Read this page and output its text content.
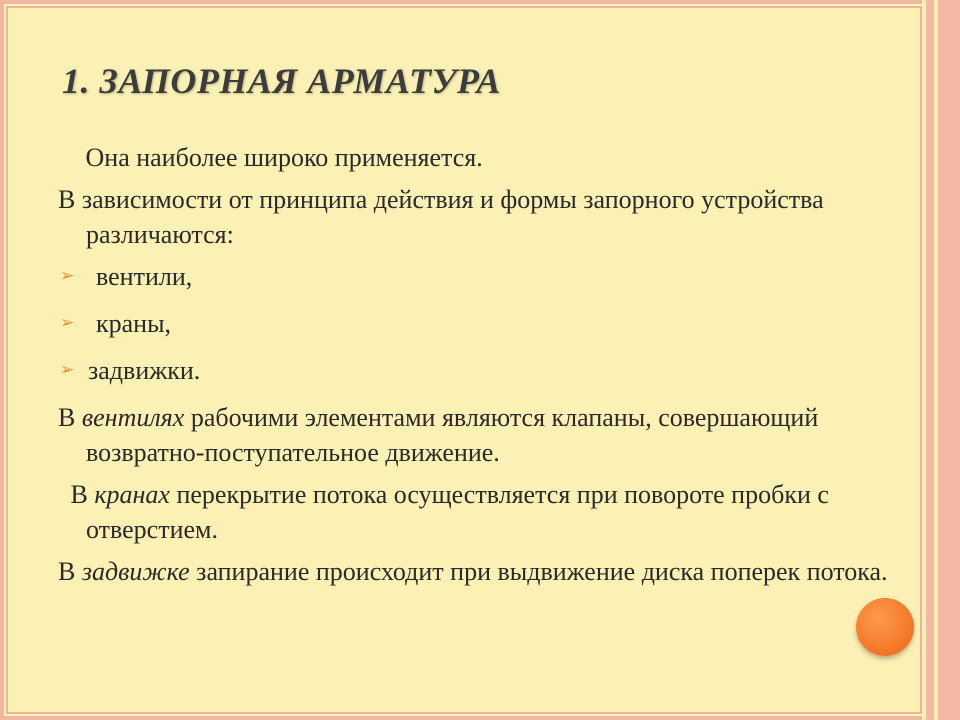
1. ЗАПОРНАЯ АРМАТУРА

Она наиболее широко применяется.

В зависимости от принципа действия и формы запорного устройства различаются:

➢ вентили,
➢ краны,
➢ задвижки.

В вентилях рабочими элементами являются клапаны, совершающий возвратно-поступательное движение.

В кранах перекрытие потока осуществляется при повороте пробки с отверстием.

В задвижке запирание происходит при выдвижение диска поперек потока.
